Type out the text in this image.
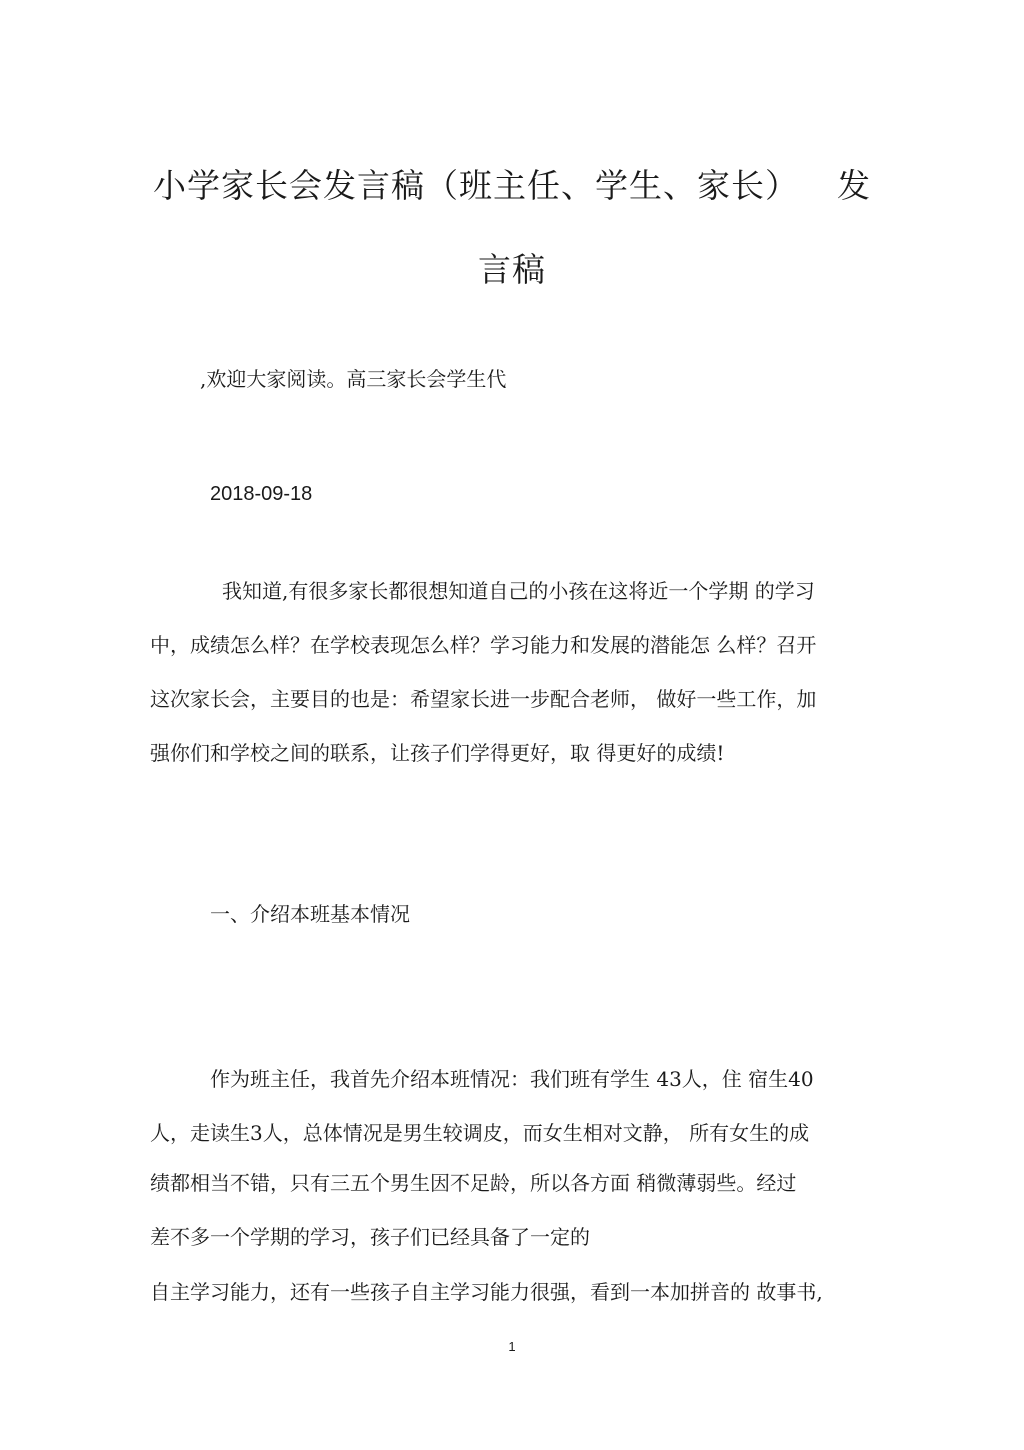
小学家长会发言稿（班主任、学生、家长） 发
言稿
,欢迎大家阅读。高三家长会学生代
2018-09-18
我知道,有很多家长都很想知道自己的小孩在这将近一个学期 的学习
中，成绩怎么样？在学校表现怎么样？学习能力和发展的潜能怎 么样？召开
这次家长会，主要目的也是：希望家长进一步配合老师， 做好一些工作，加
强你们和学校之间的联系，让孩子们学得更好，取 得更好的成绩!
一、介绍本班基本情况
作为班主任，我首先介绍本班情况：我们班有学生 43人，住 宿生40
人，走读生3人，总体情况是男生较调皮，而女生相对文静， 所有女生的成
绩都相当不错，只有三五个男生因不足龄，所以各方面 稍微薄弱些。经过
差不多一个学期的学习，孩子们已经具备了一定的
自主学习能力，还有一些孩子自主学习能力很强，看到一本加拼音的 故事书,
1
